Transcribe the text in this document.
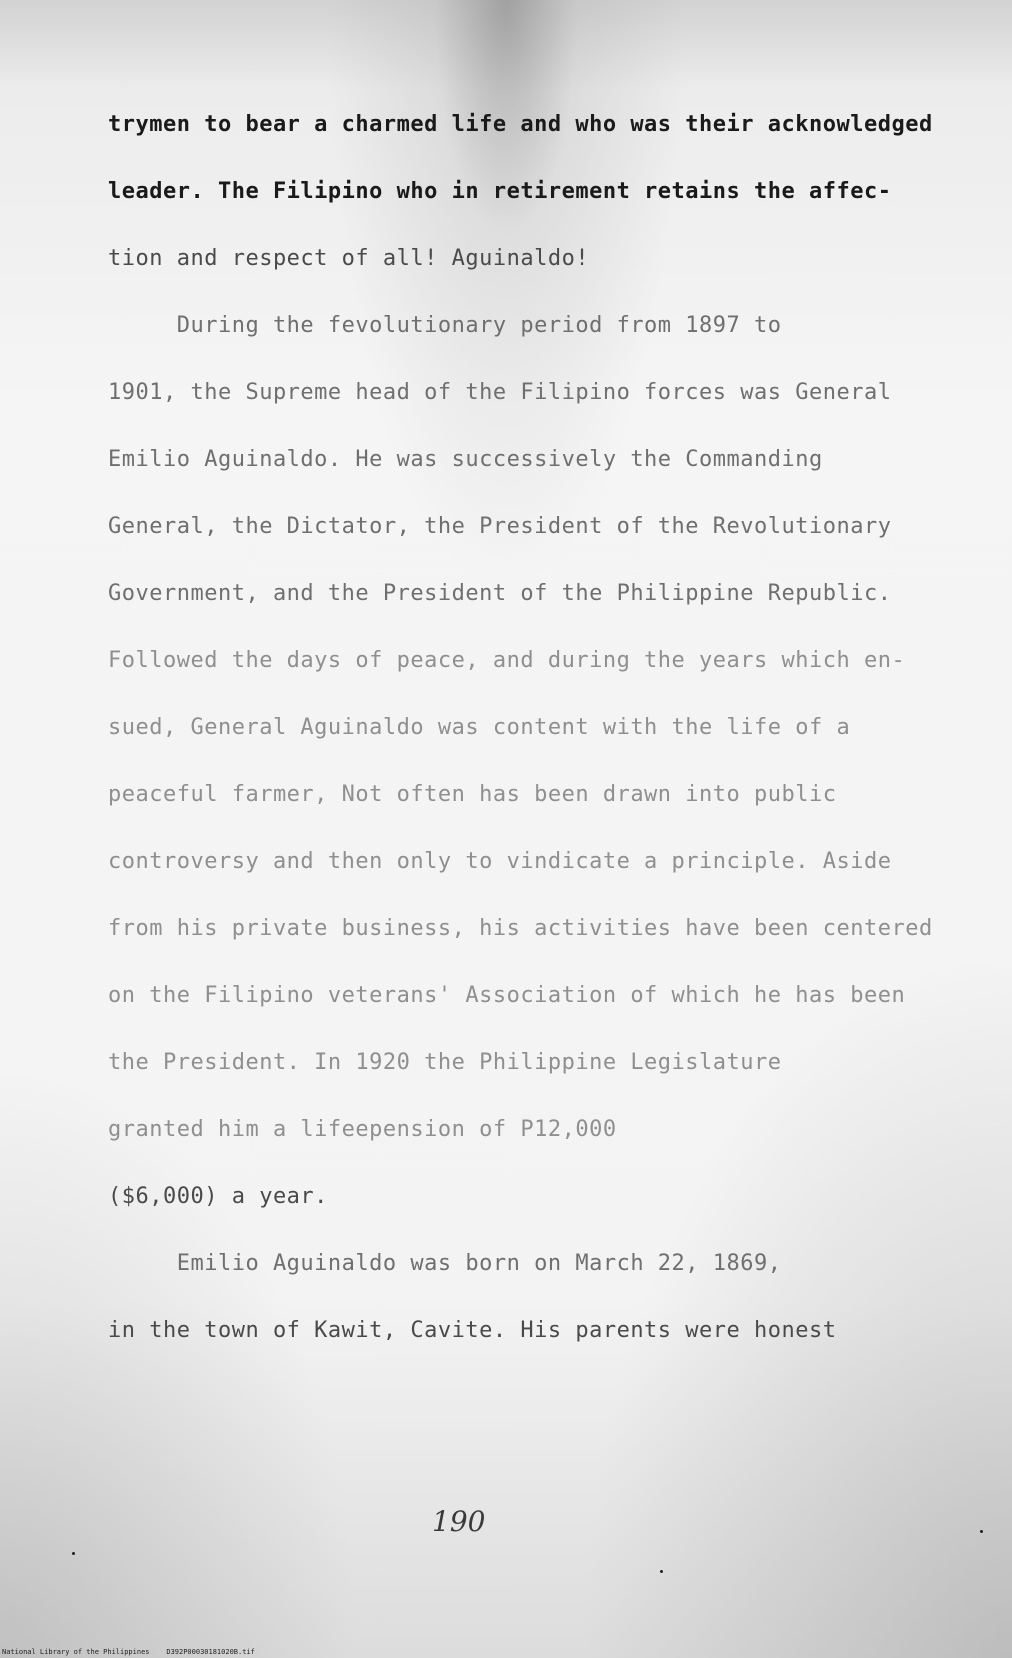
trymen to bear a charmed life and who was their acknowledged
leader. The Filipino who in retirement retains the affec-
tion and respect of all! Aguinaldo!
During the fevolutionary period from 1897 to
1901, the Supreme head of the Filipino forces was General
Emilio Aguinaldo. He was successively the Commanding
General, the Dictator, the President of the Revolutionary
Government, and the President of the Philippine Republic.
Followed the days of peace, and during the years which en-
sued, General Aguinaldo was content with the life of a
peaceful farmer, Not often has been drawn into public
controversy and then only to vindicate a principle. Aside
from his private business, his activities have been centered
on the Filipino veterans' Association of which he has been
the President. In 1920 the Philippine Legislature
granted him a lifeepension of P12,000
($6,000) a year.
Emilio Aguinaldo was born on March 22, 1869,
in the town of Kawit, Cavite. His parents were honest
190
National Library of the Philippines    D392P00030181020B.tif
